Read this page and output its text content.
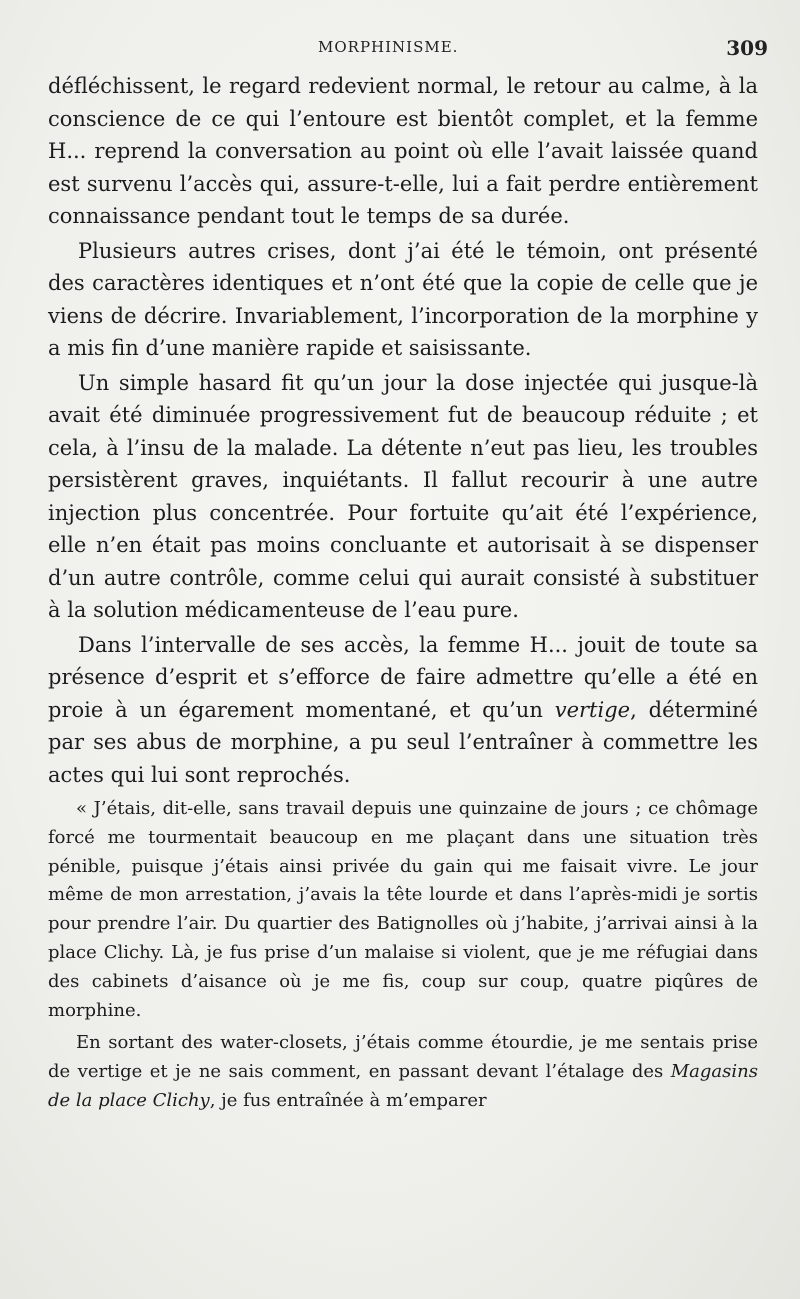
MORPHINISME.	309

défléchissent, le regard redevient normal, le retour au calme, à la conscience de ce qui l’entoure est bientôt complet, et la femme H... reprend la conversation au point où elle l’avait laissée quand est survenu l’accès qui, assure-t-elle, lui a fait perdre entièrement connaissance pendant tout le temps de sa durée.

Plusieurs autres crises, dont j’ai été le témoin, ont présenté des caractères identiques et n’ont été que la copie de celle que je viens de décrire. Invariablement, l’incorporation de la morphine y a mis fin d’une manière rapide et saisissante.

Un simple hasard fit qu’un jour la dose injectée qui jusque-là avait été diminuée progressivement fut de beaucoup réduite ; et cela, à l’insu de la malade. La détente n’eut pas lieu, les troubles persistèrent graves, inquiétants. Il fallut recourir à une autre injection plus concentrée. Pour fortuite qu’ait été l’expérience, elle n’en était pas moins concluante et autorisait à se dispenser d’un autre contrôle, comme celui qui aurait consisté à substituer à la solution médicamenteuse de l’eau pure.

Dans l’intervalle de ses accès, la femme H... jouit de toute sa présence d’esprit et s’efforce de faire admettre qu’elle a été en proie à un égarement momentané, et qu’un vertige, déterminé par ses abus de morphine, a pu seul l’entraîner à commettre les actes qui lui sont reprochés.

« J’étais, dit-elle, sans travail depuis une quinzaine de jours ; ce chômage forcé me tourmentait beaucoup en me plaçant dans une situation très pénible, puisque j’étais ainsi privée du gain qui me faisait vivre. Le jour même de mon arrestation, j’avais la tête lourde et dans l’après-midi je sortis pour prendre l’air. Du quartier des Batignolles où j’habite, j’arrivai ainsi à la place Clichy. Là, je fus prise d’un malaise si violent, que je me réfugiai dans des cabinets d’aisance où je me fis, coup sur coup, quatre piqûres de morphine.

En sortant des water-closets, j’étais comme étourdie, je me sentais prise de vertige et je ne sais comment, en passant devant l’étalage des Magasins de la place Clichy, je fus entraînée à m’emparer
